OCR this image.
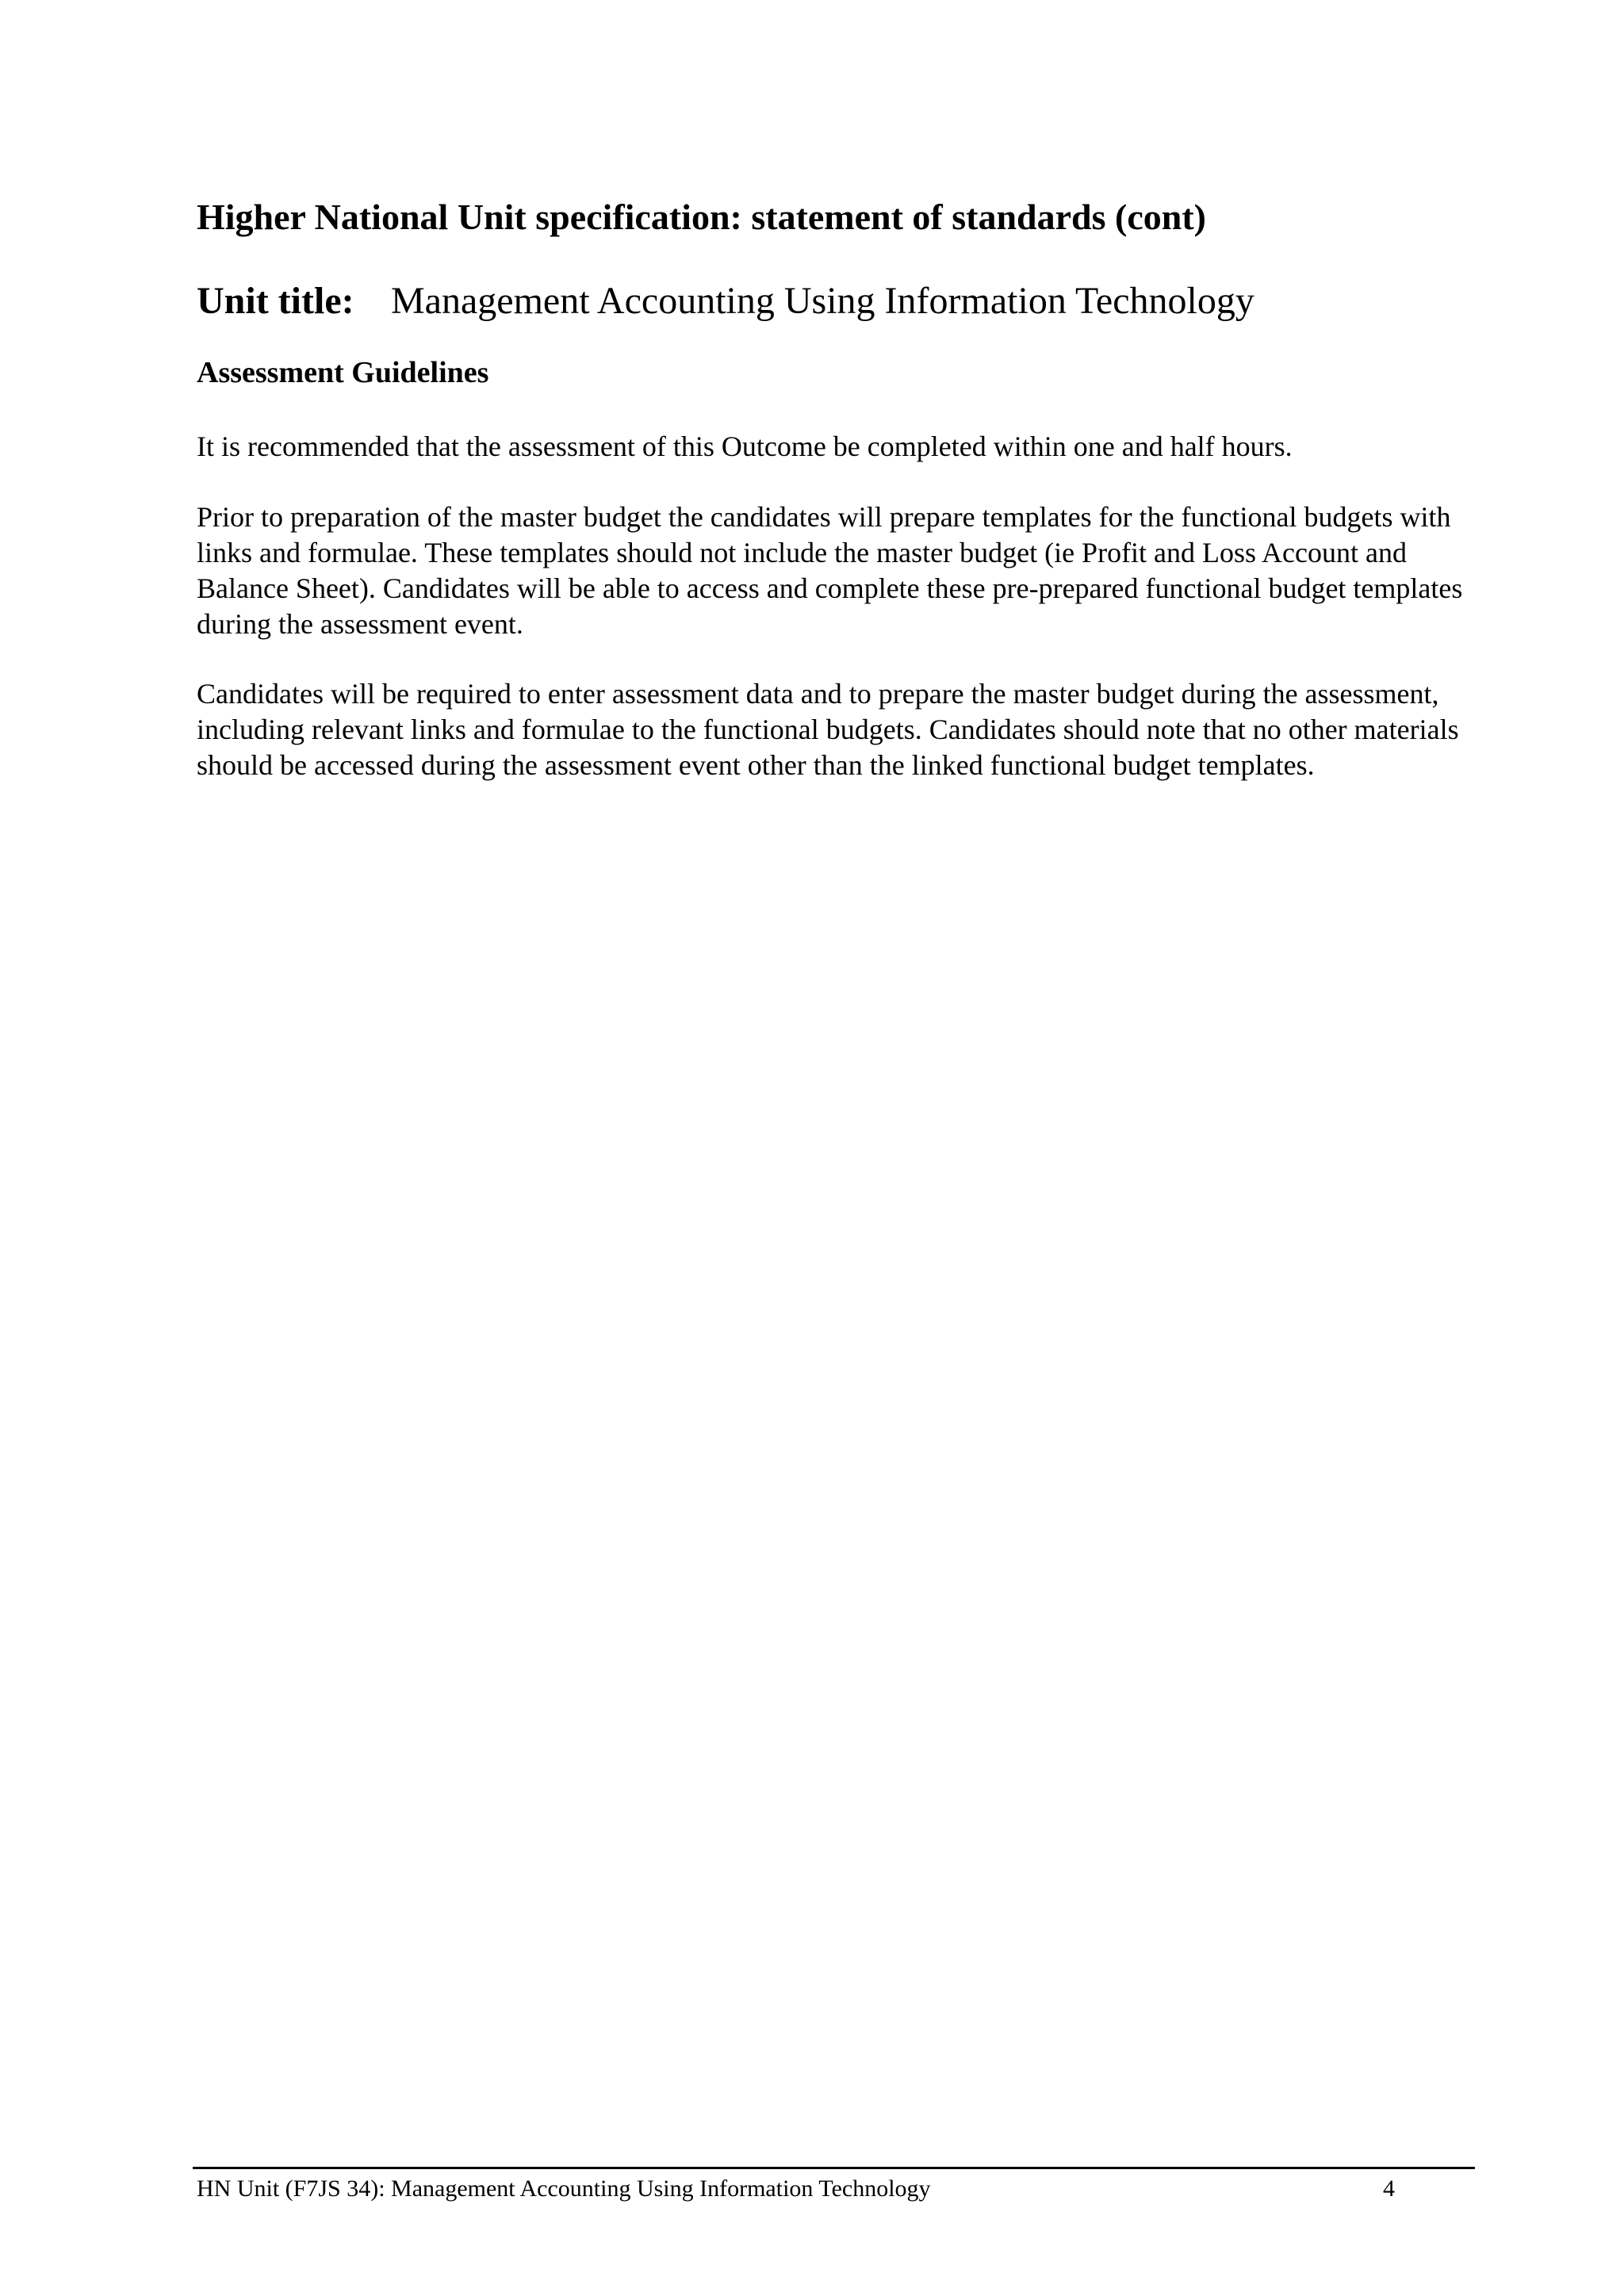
Higher National Unit specification: statement of standards (cont)
Unit title: Management Accounting Using Information Technology
Assessment Guidelines

It is recommended that the assessment of this Outcome be completed within one and half hours.

Prior to preparation of the master budget the candidates will prepare templates for the functional budgets with links and formulae. These templates should not include the master budget (ie Profit and Loss Account and Balance Sheet). Candidates will be able to access and complete these pre-prepared functional budget templates during the assessment event.

Candidates will be required to enter assessment data and to prepare the master budget during the assessment, including relevant links and formulae to the functional budgets. Candidates should note that no other materials should be accessed during the assessment event other than the linked functional budget templates.

HN Unit (F7JS 34): Management Accounting Using Information Technology	4
